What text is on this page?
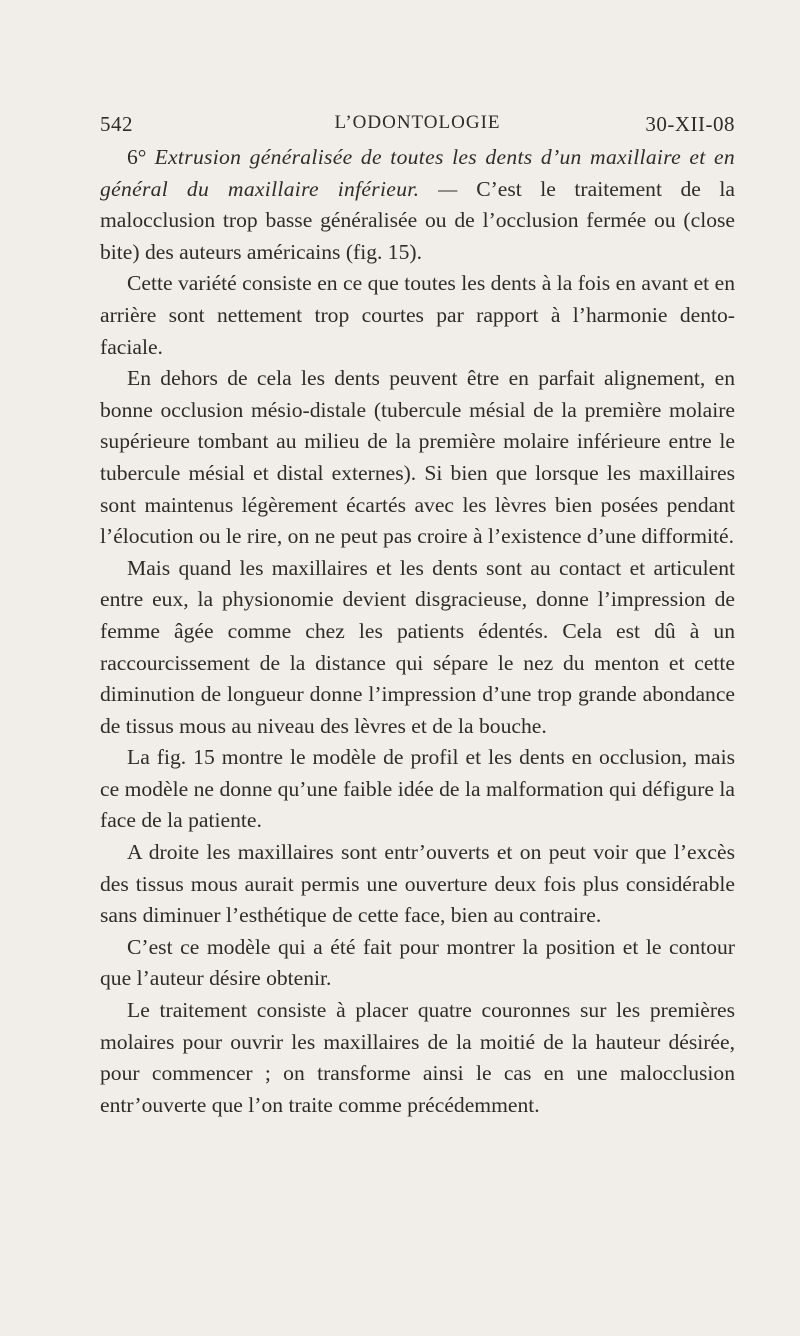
542	L’ODONTOLOGIE	30-XII-08

6° Extrusion généralisée de toutes les dents d’un maxillaire et en général du maxillaire inférieur. — C’est le traitement de la malocclusion trop basse généralisée ou de l’occlusion fermée ou (close bite) des auteurs américains (fig. 15).

Cette variété consiste en ce que toutes les dents à la fois en avant et en arrière sont nettement trop courtes par rapport à l’harmonie dento-faciale.

En dehors de cela les dents peuvent être en parfait alignement, en bonne occlusion mésio-distale (tubercule mésial de la première molaire supérieure tombant au milieu de la première molaire inférieure entre le tubercule mésial et distal externes). Si bien que lorsque les maxillaires sont maintenus légèrement écartés avec les lèvres bien posées pendant l’élocution ou le rire, on ne peut pas croire à l’existence d’une difformité.

Mais quand les maxillaires et les dents sont au contact et articulent entre eux, la physionomie devient disgracieuse, donne l’impression de femme âgée comme chez les patients édentés. Cela est dû à un raccourcissement de la distance qui sépare le nez du menton et cette diminution de longueur donne l’impression d’une trop grande abondance de tissus mous au niveau des lèvres et de la bouche.

La fig. 15 montre le modèle de profil et les dents en occlusion, mais ce modèle ne donne qu’une faible idée de la malformation qui défigure la face de la patiente.

A droite les maxillaires sont entr’ouverts et on peut voir que l’excès des tissus mous aurait permis une ouverture deux fois plus considérable sans diminuer l’esthétique de cette face, bien au contraire.

C’est ce modèle qui a été fait pour montrer la position et le contour que l’auteur désire obtenir.

Le traitement consiste à placer quatre couronnes sur les premières molaires pour ouvrir les maxillaires de la moitié de la hauteur désirée, pour commencer ; on transforme ainsi le cas en une malocclusion entr’ouverte que l’on traite comme précédemment.
